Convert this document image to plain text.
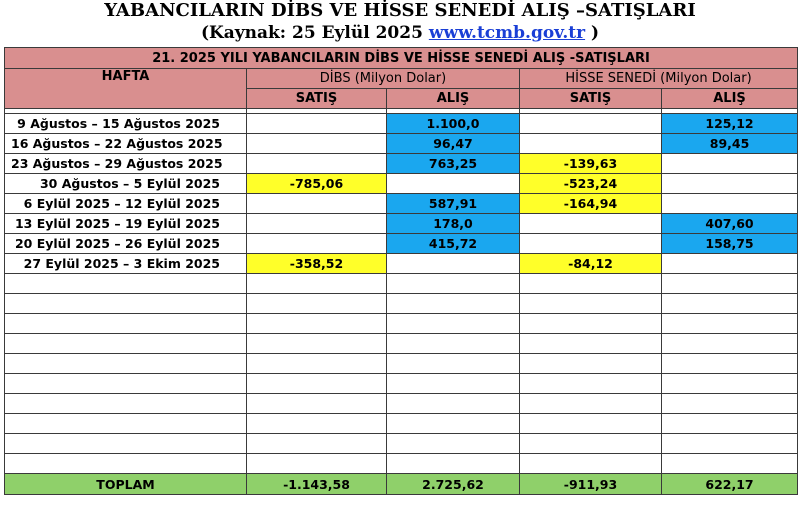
YABANCILARIN DİBS VE HİSSE SENEDİ ALIŞ –SATIŞLARI
(Kaynak: 25 Eylül 2025 www.tcmb.gov.tr )
21. 2025 YILI YABANCILARIN DİBS VE HİSSE SENEDİ ALIŞ -SATIŞLARI				
HAFTA	DİBS (Milyon Dolar)		HİSSE SENEDİ (Milyon Dolar)	
	SATIŞ	ALIŞ	SATIŞ	ALIŞ

9 Ağustos – 15 Ağustos 2025		1.100,0		125,12
16 Ağustos – 22 Ağustos 2025		96,47		89,45
23 Ağustos – 29 Ağustos 2025		763,25	-139,63	
30 Ağustos – 5 Eylül 2025	-785,06		-523,24	
6 Eylül 2025 – 12 Eylül 2025		587,91	-164,94	
13 Eylül 2025 – 19 Eylül 2025		178,0		407,60
20 Eylül 2025 – 26 Eylül 2025		415,72		158,75
27 Eylül 2025 – 3 Ekim 2025	-358,52		-84,12	

TOPLAM	-1.143,58	2.725,62	-911,93	622,17
